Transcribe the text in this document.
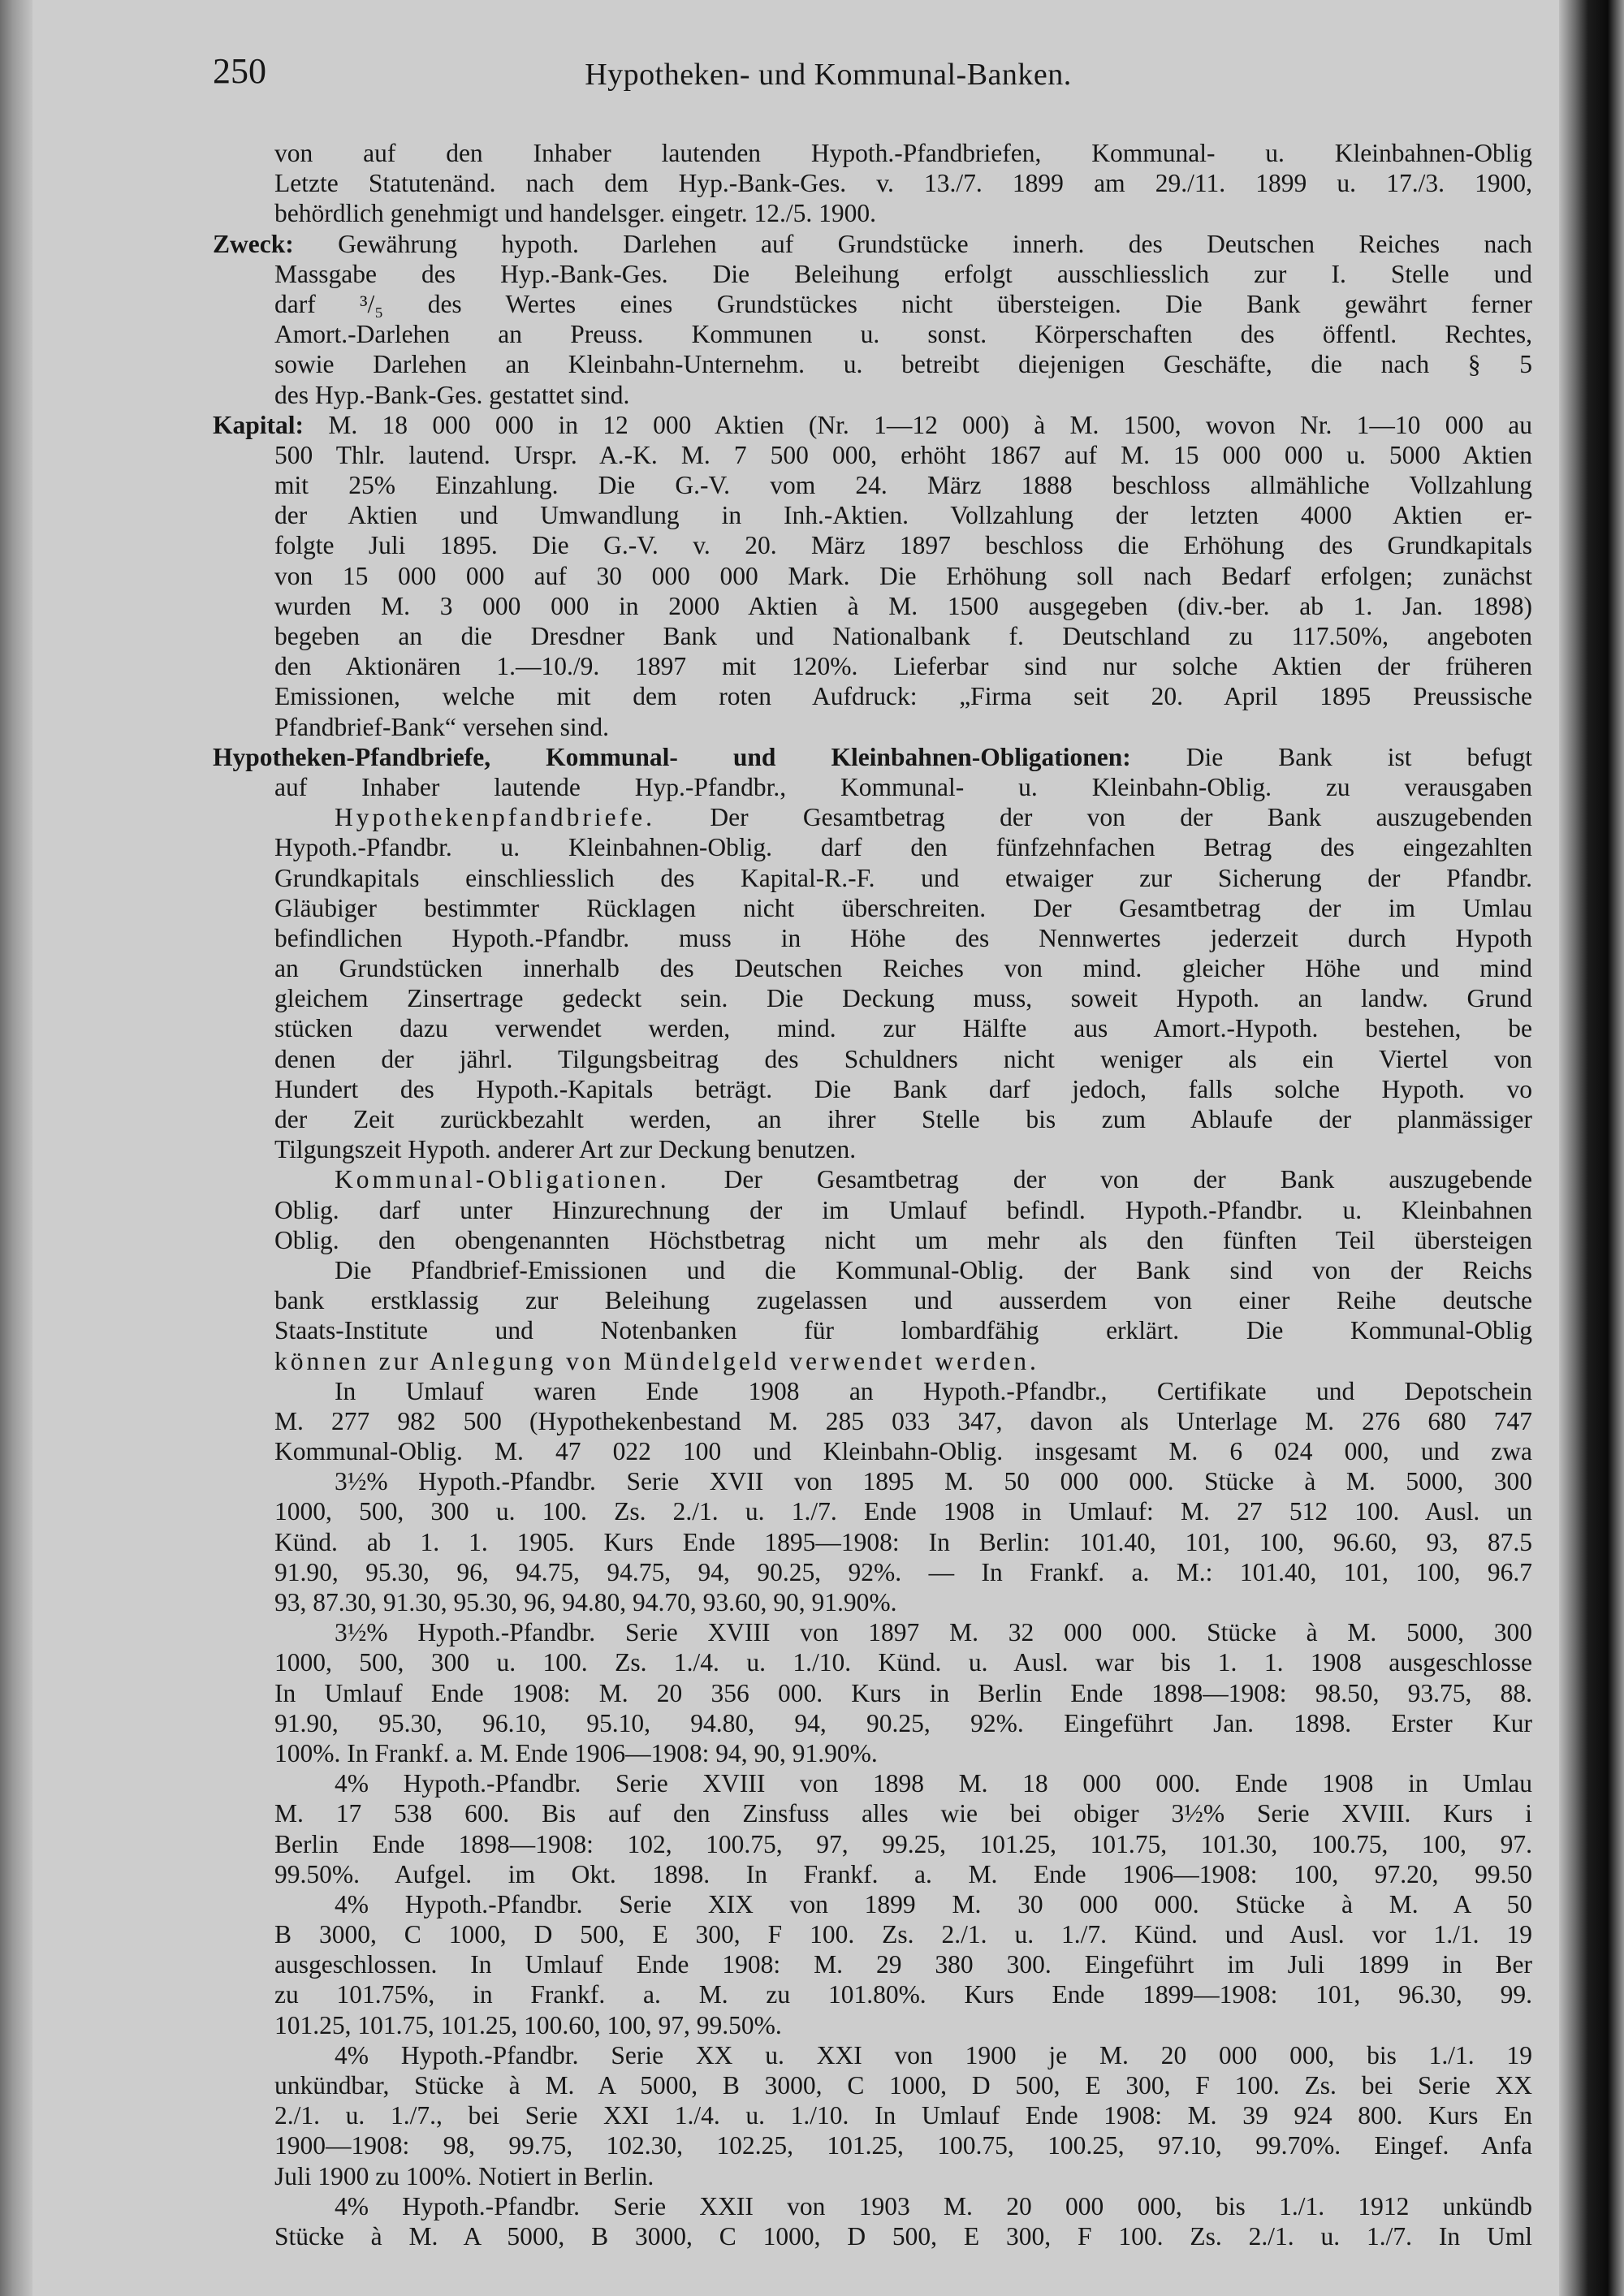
250	Hypotheken- und Kommunal-Banken.
von auf den Inhaber lautenden Hypoth.-Pfandbriefen, Kommunal- u. Kleinbahnen-Oblig
Letzte Statutenänd. nach dem Hyp.-Bank-Ges. v. 13./7. 1899 am 29./11. 1899 u. 17./3. 1900,
behördlich genehmigt und handelsger. eingetr. 12./5. 1900.
Zweck: Gewährung hypoth. Darlehen auf Grundstücke innerh. des Deutschen Reiches nach
Massgabe des Hyp.-Bank-Ges. Die Beleihung erfolgt ausschliesslich zur I. Stelle und
darf ³/₅ des Wertes eines Grundstückes nicht übersteigen. Die Bank gewährt ferner
Amort.-Darlehen an Preuss. Kommunen u. sonst. Körperschaften des öffentl. Rechtes,
sowie Darlehen an Kleinbahn-Unternehm. u. betreibt diejenigen Geschäfte, die nach § 5
des Hyp.-Bank-Ges. gestattet sind.
Kapital: M. 18 000 000 in 12 000 Aktien (Nr. 1—12 000) à M. 1500, wovon Nr. 1—10 000 au
500 Thlr. lautend. Urspr. A.-K. M. 7 500 000, erhöht 1867 auf M. 15 000 000 u. 5000 Aktien
mit 25% Einzahlung. Die G.-V. vom 24. März 1888 beschloss allmähliche Vollzahlung
der Aktien und Umwandlung in Inh.-Aktien. Vollzahlung der letzten 4000 Aktien er-
folgte Juli 1895. Die G.-V. v. 20. März 1897 beschloss die Erhöhung des Grundkapitals
von 15 000 000 auf 30 000 000 Mark. Die Erhöhung soll nach Bedarf erfolgen; zunächst
wurden M. 3 000 000 in 2000 Aktien à M. 1500 ausgegeben (div.-ber. ab 1. Jan. 1898)
begeben an die Dresdner Bank und Nationalbank f. Deutschland zu 117.50%, angeboten
den Aktionären 1.—10./9. 1897 mit 120%. Lieferbar sind nur solche Aktien der früheren
Emissionen, welche mit dem roten Aufdruck: „Firma seit 20. April 1895 Preussische
Pfandbrief-Bank“ versehen sind.
Hypotheken-Pfandbriefe, Kommunal- und Kleinbahnen-Obligationen: Die Bank ist befugt
auf Inhaber lautende Hyp.-Pfandbr., Kommunal- u. Kleinbahn-Oblig. zu verausgaben
Hypothekenpfandbriefe. Der Gesamtbetrag der von der Bank auszugebenden
Hypoth.-Pfandbr. u. Kleinbahnen-Oblig. darf den fünfzehnfachen Betrag des eingezahlten
Grundkapitals einschliesslich des Kapital-R.-F. und etwaiger zur Sicherung der Pfandbr.
Gläubiger bestimmter Rücklagen nicht überschreiten. Der Gesamtbetrag der im Umlau
befindlichen Hypoth.-Pfandbr. muss in Höhe des Nennwertes jederzeit durch Hypoth
an Grundstücken innerhalb des Deutschen Reiches von mind. gleicher Höhe und mind
gleichem Zinsertrage gedeckt sein. Die Deckung muss, soweit Hypoth. an landw. Grund
stücken dazu verwendet werden, mind. zur Hälfte aus Amort.-Hypoth. bestehen, be
denen der jährl. Tilgungsbeitrag des Schuldners nicht weniger als ein Viertel von
Hundert des Hypoth.-Kapitals beträgt. Die Bank darf jedoch, falls solche Hypoth. vo
der Zeit zurückbezahlt werden, an ihrer Stelle bis zum Ablaufe der planmässiger
Tilgungszeit Hypoth. anderer Art zur Deckung benutzen.
Kommunal-Obligationen. Der Gesamtbetrag der von der Bank auszugebende
Oblig. darf unter Hinzurechnung der im Umlauf befindl. Hypoth.-Pfandbr. u. Kleinbahnen
Oblig. den obengenannten Höchstbetrag nicht um mehr als den fünften Teil übersteigen
Die Pfandbrief-Emissionen und die Kommunal-Oblig. der Bank sind von der Reichs
bank erstklassig zur Beleihung zugelassen und ausserdem von einer Reihe deutsche
Staats-Institute und Notenbanken für lombardfähig erklärt. Die Kommunal-Oblig
können zur Anlegung von Mündelgeld verwendet werden.
In Umlauf waren Ende 1908 an Hypoth.-Pfandbr., Certifikate und Depotschein
M. 277 982 500 (Hypothekenbestand M. 285 033 347, davon als Unterlage M. 276 680 747
Kommunal-Oblig. M. 47 022 100 und Kleinbahn-Oblig. insgesamt M. 6 024 000, und zwa
3½% Hypoth.-Pfandbr. Serie XVII von 1895 M. 50 000 000. Stücke à M. 5000, 300
1000, 500, 300 u. 100. Zs. 2./1. u. 1./7. Ende 1908 in Umlauf: M. 27 512 100. Ausl. un
Künd. ab 1. 1. 1905. Kurs Ende 1895—1908: In Berlin: 101.40, 101, 100, 96.60, 93, 87.5
91.90, 95.30, 96, 94.75, 94.75, 94, 90.25, 92%. — In Frankf. a. M.: 101.40, 101, 100, 96.7
93, 87.30, 91.30, 95.30, 96, 94.80, 94.70, 93.60, 90, 91.90%.
3½% Hypoth.-Pfandbr. Serie XVIII von 1897 M. 32 000 000. Stücke à M. 5000, 300
1000, 500, 300 u. 100. Zs. 1./4. u. 1./10. Künd. u. Ausl. war bis 1. 1. 1908 ausgeschlosse
In Umlauf Ende 1908: M. 20 356 000. Kurs in Berlin Ende 1898—1908: 98.50, 93.75, 88.
91.90, 95.30, 96.10, 95.10, 94.80, 94, 90.25, 92%. Eingeführt Jan. 1898. Erster Kur
100%. In Frankf. a. M. Ende 1906—1908: 94, 90, 91.90%.
4% Hypoth.-Pfandbr. Serie XVIII von 1898 M. 18 000 000. Ende 1908 in Umlau
M. 17 538 600. Bis auf den Zinsfuss alles wie bei obiger 3½% Serie XVIII. Kurs i
Berlin Ende 1898—1908: 102, 100.75, 97, 99.25, 101.25, 101.75, 101.30, 100.75, 100, 97.
99.50%. Aufgel. im Okt. 1898. In Frankf. a. M. Ende 1906—1908: 100, 97.20, 99.50
4% Hypoth.-Pfandbr. Serie XIX von 1899 M. 30 000 000. Stücke à M. A 50
B 3000, C 1000, D 500, E 300, F 100. Zs. 2./1. u. 1./7. Künd. und Ausl. vor 1./1. 19
ausgeschlossen. In Umlauf Ende 1908: M. 29 380 300. Eingeführt im Juli 1899 in Ber
zu 101.75%, in Frankf. a. M. zu 101.80%. Kurs Ende 1899—1908: 101, 96.30, 99.
101.25, 101.75, 101.25, 100.60, 100, 97, 99.50%.
4% Hypoth.-Pfandbr. Serie XX u. XXI von 1900 je M. 20 000 000, bis 1./1. 19
unkündbar, Stücke à M. A 5000, B 3000, C 1000, D 500, E 300, F 100. Zs. bei Serie XX
2./1. u. 1./7., bei Serie XXI 1./4. u. 1./10. In Umlauf Ende 1908: M. 39 924 800. Kurs En
1900—1908: 98, 99.75, 102.30, 102.25, 101.25, 100.75, 100.25, 97.10, 99.70%. Eingef. Anfa
Juli 1900 zu 100%. Notiert in Berlin.
4% Hypoth.-Pfandbr. Serie XXII von 1903 M. 20 000 000, bis 1./1. 1912 unkündb
Stücke à M. A 5000, B 3000, C 1000, D 500, E 300, F 100. Zs. 2./1. u. 1./7. In Uml
